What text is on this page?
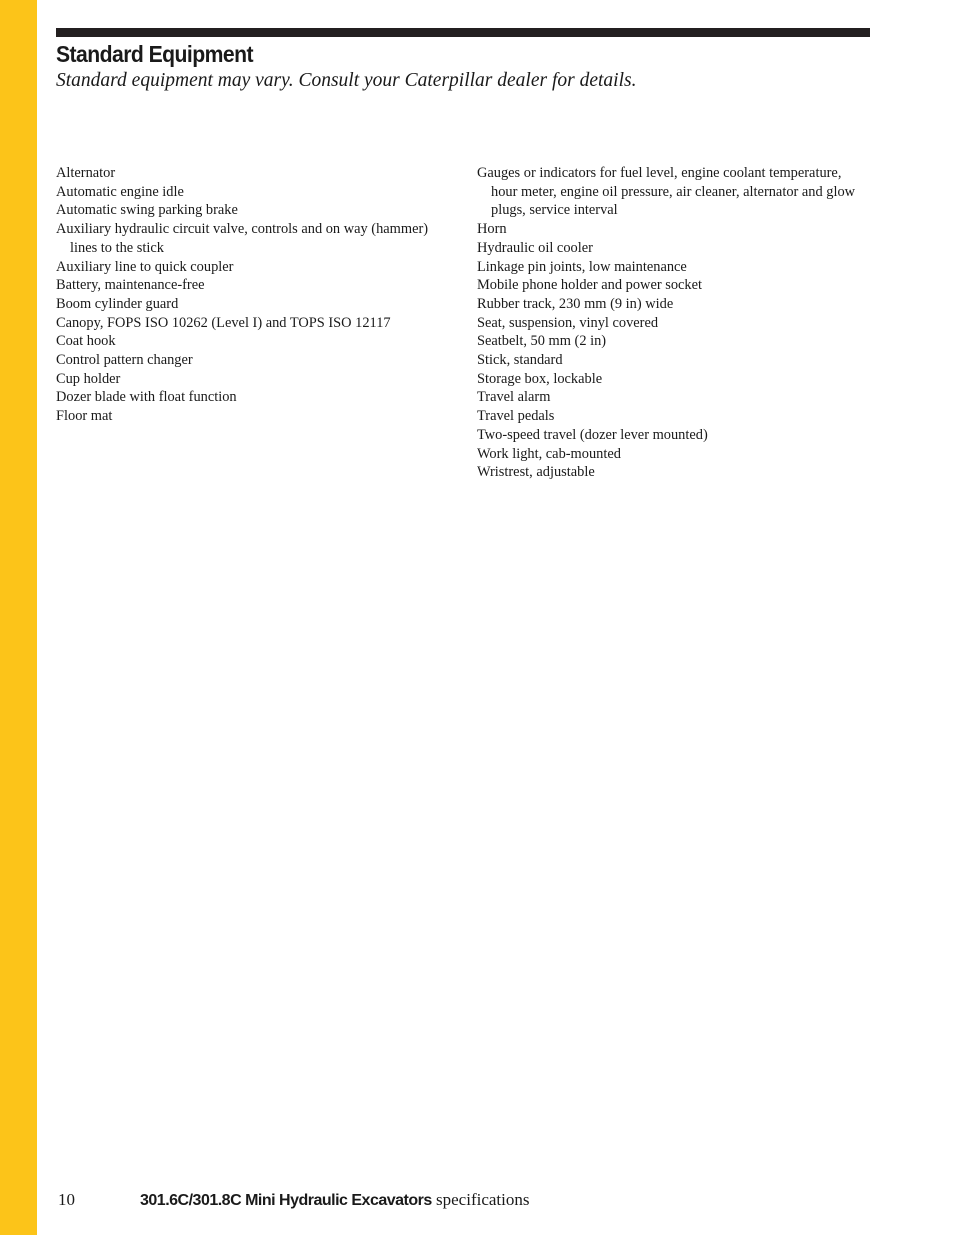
Standard Equipment

Standard equipment may vary. Consult your Caterpillar dealer for details.

Alternator
Automatic engine idle
Automatic swing parking brake
Auxiliary hydraulic circuit valve, controls and on way (hammer) lines to the stick
Auxiliary line to quick coupler
Battery, maintenance-free
Boom cylinder guard
Canopy, FOPS ISO 10262 (Level I) and TOPS ISO 12117
Coat hook
Control pattern changer
Cup holder
Dozer blade with float function
Floor mat
Gauges or indicators for fuel level, engine coolant temperature, hour meter, engine oil pressure, air cleaner, alternator and glow plugs, service interval
Horn
Hydraulic oil cooler
Linkage pin joints, low maintenance
Mobile phone holder and power socket
Rubber track, 230 mm (9 in) wide
Seat, suspension, vinyl covered
Seatbelt, 50 mm (2 in)
Stick, standard
Storage box, lockable
Travel alarm
Travel pedals
Two-speed travel (dozer lever mounted)
Work light, cab-mounted
Wristrest, adjustable
10	301.6C/301.8C Mini Hydraulic Excavators specifications
